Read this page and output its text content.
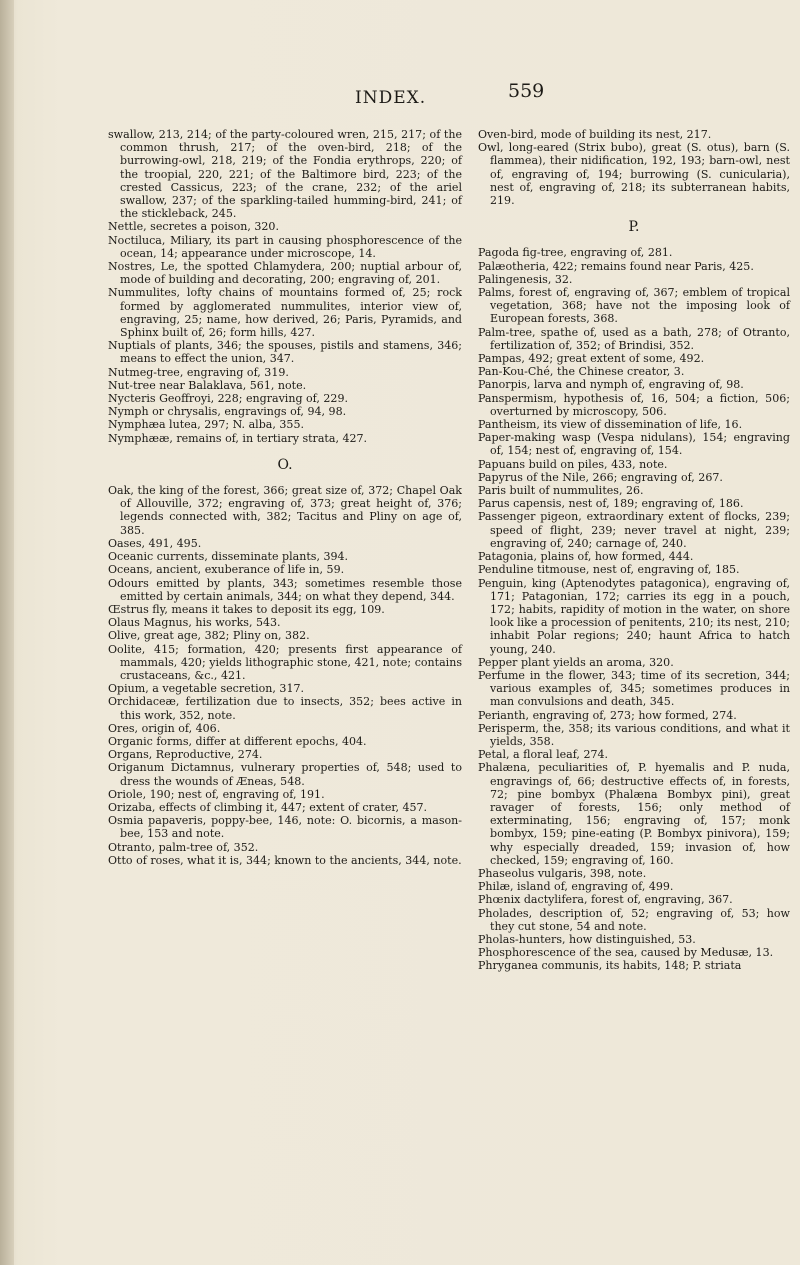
INDEX.	559

swallow, 213, 214; of the party-coloured wren, 215, 217; of the common thrush, 217; of the oven-bird, 218; of the burrowing-owl, 218, 219; of the Fondia erythrops, 220; of the troopial, 220, 221; of the Baltimore bird, 223; of the crested Cassicus, 223; of the crane, 232; of the ariel swallow, 237; of the sparkling-tailed humming-bird, 241; of the stickleback, 245.

Nettle, secretes a poison, 320.

Noctiluca, Miliary, its part in causing phosphorescence of the ocean, 14; appearance under microscope, 14.

Nostres, Le, the spotted Chlamydera, 200; nuptial arbour of, mode of building and decorating, 200; engraving of, 201.

Nummulites, lofty chains of mountains formed of, 25; rock formed by agglomerated nummulites, interior view of, engraving, 25; name, how derived, 26; Paris, Pyramids, and Sphinx built of, 26; form hills, 427.

Nuptials of plants, 346; the spouses, pistils and stamens, 346; means to effect the union, 347.

Nutmeg-tree, engraving of, 319.

Nut-tree near Balaklava, 561, note.

Nycteris Geoffroyi, 228; engraving of, 229.

Nymph or chrysalis, engravings of, 94, 98.

Nymphæa lutea, 297; N. alba, 355.

Nymphææ, remains of, in tertiary strata, 427.

O.

Oak, the king of the forest, 366; great size of, 372; Chapel Oak of Allouville, 372; engraving of, 373; great height of, 376; legends connected with, 382; Tacitus and Pliny on age of, 385.

Oases, 491, 495.

Oceanic currents, disseminate plants, 394.

Oceans, ancient, exuberance of life in, 59.

Odours emitted by plants, 343; sometimes resemble those emitted by certain animals, 344; on what they depend, 344.

Œstrus fly, means it takes to deposit its egg, 109.

Olaus Magnus, his works, 543.

Olive, great age, 382; Pliny on, 382.

Oolite, 415; formation, 420; presents first appearance of mammals, 420; yields lithographic stone, 421, note; contains crustaceans, &c., 421.

Opium, a vegetable secretion, 317.

Orchidaceæ, fertilization due to insects, 352; bees active in this work, 352, note.

Ores, origin of, 406.

Organic forms, differ at different epochs, 404.

Organs, Reproductive, 274.

Origanum Dictamnus, vulnerary properties of, 548; used to dress the wounds of Æneas, 548.

Oriole, 190; nest of, engraving of, 191.

Orizaba, effects of climbing it, 447; extent of crater, 457.

Osmia papaveris, poppy-bee, 146, note: O. bicornis, a mason-bee, 153 and note.

Otranto, palm-tree of, 352.

Otto of roses, what it is, 344; known to the ancients, 344, note.

Oven-bird, mode of building its nest, 217.

Owl, long-eared (Strix bubo), great (S. otus), barn (S. flammea), their nidification, 192, 193; barn-owl, nest of, engraving of, 194; burrowing (S. cunicularia), nest of, engraving of, 218; its subterranean habits, 219.

P.

Pagoda fig-tree, engraving of, 281.

Palæotheria, 422; remains found near Paris, 425.

Palingenesis, 32.

Palms, forest of, engraving of, 367; emblem of tropical vegetation, 368; have not the imposing look of European forests, 368.

Palm-tree, spathe of, used as a bath, 278; of Otranto, fertilization of, 352; of Brindisi, 352.

Pampas, 492; great extent of some, 492.

Pan-Kou-Ché, the Chinese creator, 3.

Panorpis, larva and nymph of, engraving of, 98.

Panspermism, hypothesis of, 16, 504; a fiction, 506; overturned by microscopy, 506.

Pantheism, its view of dissemination of life, 16.

Paper-making wasp (Vespa nidulans), 154; engraving of, 154; nest of, engraving of, 154.

Papuans build on piles, 433, note.

Papyrus of the Nile, 266; engraving of, 267.

Paris built of nummulites, 26.

Parus capensis, nest of, 189; engraving of, 186.

Passenger pigeon, extraordinary extent of flocks, 239; speed of flight, 239; never travel at night, 239; engraving of, 240; carnage of, 240.

Patagonia, plains of, how formed, 444.

Penduline titmouse, nest of, engraving of, 185.

Penguin, king (Aptenodytes patagonica), engraving of, 171; Patagonian, 172; carries its egg in a pouch, 172; habits, rapidity of motion in the water, on shore look like a procession of penitents, 210; its nest, 210; inhabit Polar regions; 240; haunt Africa to hatch young, 240.

Pepper plant yields an aroma, 320.

Perfume in the flower, 343; time of its secretion, 344; various examples of, 345; sometimes produces in man convulsions and death, 345.

Perianth, engraving of, 273; how formed, 274.

Perisperm, the, 358; its various conditions, and what it yields, 358.

Petal, a floral leaf, 274.

Phalæna, peculiarities of, P. hyemalis and P. nuda, engravings of, 66; destructive effects of, in forests, 72; pine bombyx (Phalæna Bombyx pini), great ravager of forests, 156; only method of exterminating, 156; engraving of, 157; monk bombyx, 159; pine-eating (P. Bombyx pinivora), 159; why especially dreaded, 159; invasion of, how checked, 159; engraving of, 160.

Phaseolus vulgaris, 398, note.

Philæ, island of, engraving of, 499.

Phœnix dactylifera, forest of, engraving, 367.

Pholades, description of, 52; engraving of, 53; how they cut stone, 54 and note.

Pholas-hunters, how distinguished, 53.

Phosphorescence of the sea, caused by Medusæ, 13.

Phryganea communis, its habits, 148; P. striata
